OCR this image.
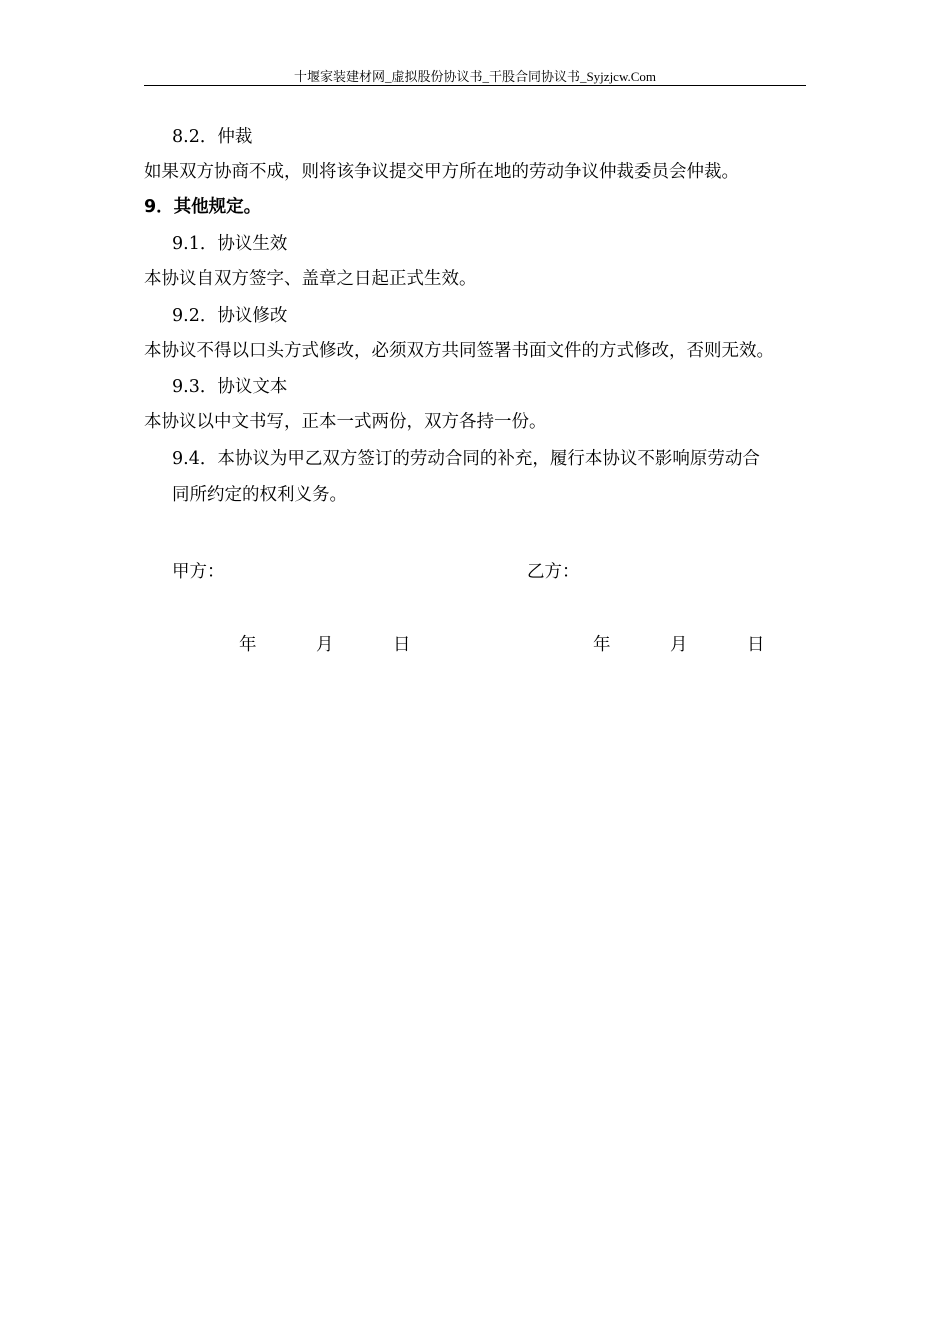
十堰家装建材网_虚拟股份协议书_干股合同协议书_Syjzjcw.Com
8.2．仲裁
如果双方协商不成，则将该争议提交甲方所在地的劳动争议仲裁委员会仲裁。
9．其他规定。
9.1．协议生效
本协议自双方签字、盖章之日起正式生效。
9.2．协议修改
本协议不得以口头方式修改，必须双方共同签署书面文件的方式修改，否则无效。
9.3．协议文本
本协议以中文书写，正本一式两份，双方各持一份。
9.4．本协议为甲乙双方签订的劳动合同的补充，履行本协议不影响原劳动合
同所约定的权利义务。
甲方：	乙方：
年	月	日	年	月	日
